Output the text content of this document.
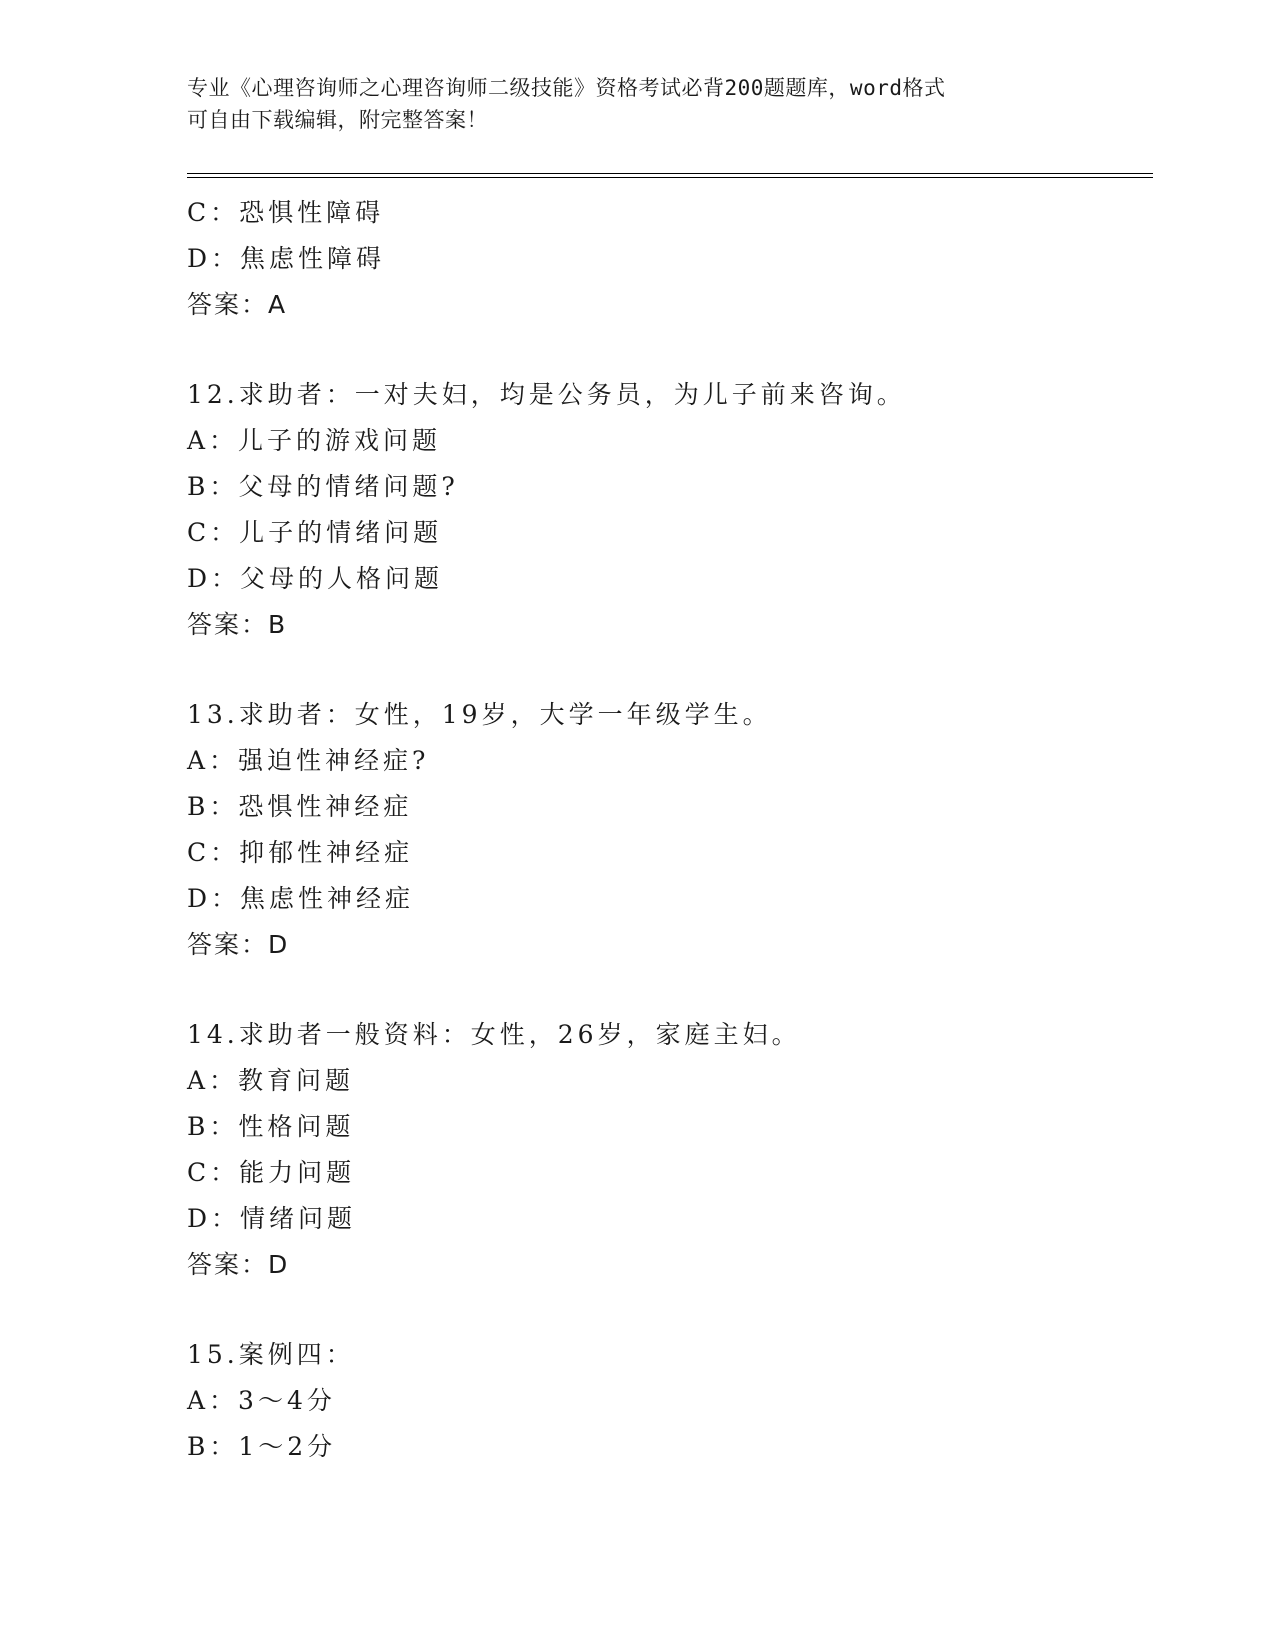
专业《心理咨询师之心理咨询师二级技能》资格考试必背200题题库，word格式
可自由下载编辑，附完整答案！
C：恐惧性障碍
D：焦虑性障碍
答案：A
12.求助者：一对夫妇，均是公务员，为儿子前来咨询。
A：儿子的游戏问题
B：父母的情绪问题?
C：儿子的情绪问题
D：父母的人格问题
答案：B
13.求助者：女性，19岁，大学一年级学生。
A：强迫性神经症?
B：恐惧性神经症
C：抑郁性神经症
D：焦虑性神经症
答案：D
14.求助者一般资料：女性，26岁，家庭主妇。
A：教育问题
B：性格问题
C：能力问题
D：情绪问题
答案：D
15.案例四：
A：3～4分
B：1～2分
